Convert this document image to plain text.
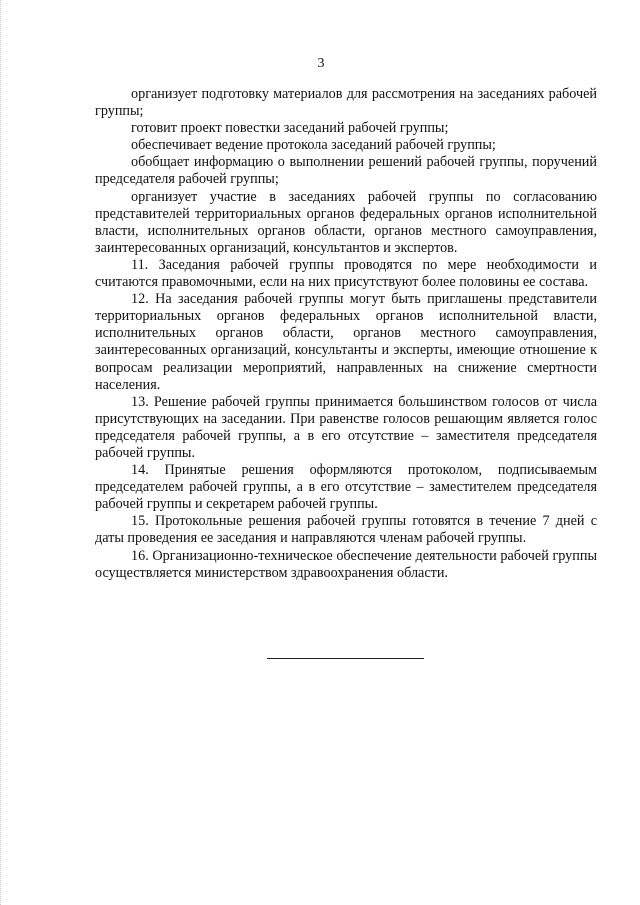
3

организует подготовку материалов для рассмотрения на заседаниях рабочей группы;

готовит проект повестки заседаний рабочей группы;

обеспечивает ведение протокола заседаний рабочей группы;

обобщает информацию о выполнении решений рабочей группы, поручений председателя рабочей группы;

организует участие в заседаниях рабочей группы по согласованию представителей территориальных органов федеральных органов исполнительной власти, исполнительных органов области, органов местного самоуправления, заинтересованных организаций, консультантов и экспертов.

11. Заседания рабочей группы проводятся по мере необходимости и считаются правомочными, если на них присутствуют более половины ее состава.

12. На заседания рабочей группы могут быть приглашены представители территориальных органов федеральных органов исполнительной власти, исполнительных органов области, органов местного самоуправления, заинтересованных организаций, консультанты и эксперты, имеющие отношение к вопросам реализации мероприятий, направленных на снижение смертности населения.

13. Решение рабочей группы принимается большинством голосов от числа присутствующих на заседании. При равенстве голосов решающим является голос председателя рабочей группы, а в его отсутствие – заместителя председателя рабочей группы.

14. Принятые решения оформляются протоколом, подписываемым председателем рабочей группы, а в его отсутствие – заместителем председателя рабочей группы и секретарем рабочей группы.

15. Протокольные решения рабочей группы готовятся в течение 7 дней с даты проведения ее заседания и направляются членам рабочей группы.

16. Организационно-техническое обеспечение деятельности рабочей группы осуществляется министерством здравоохранения области.
